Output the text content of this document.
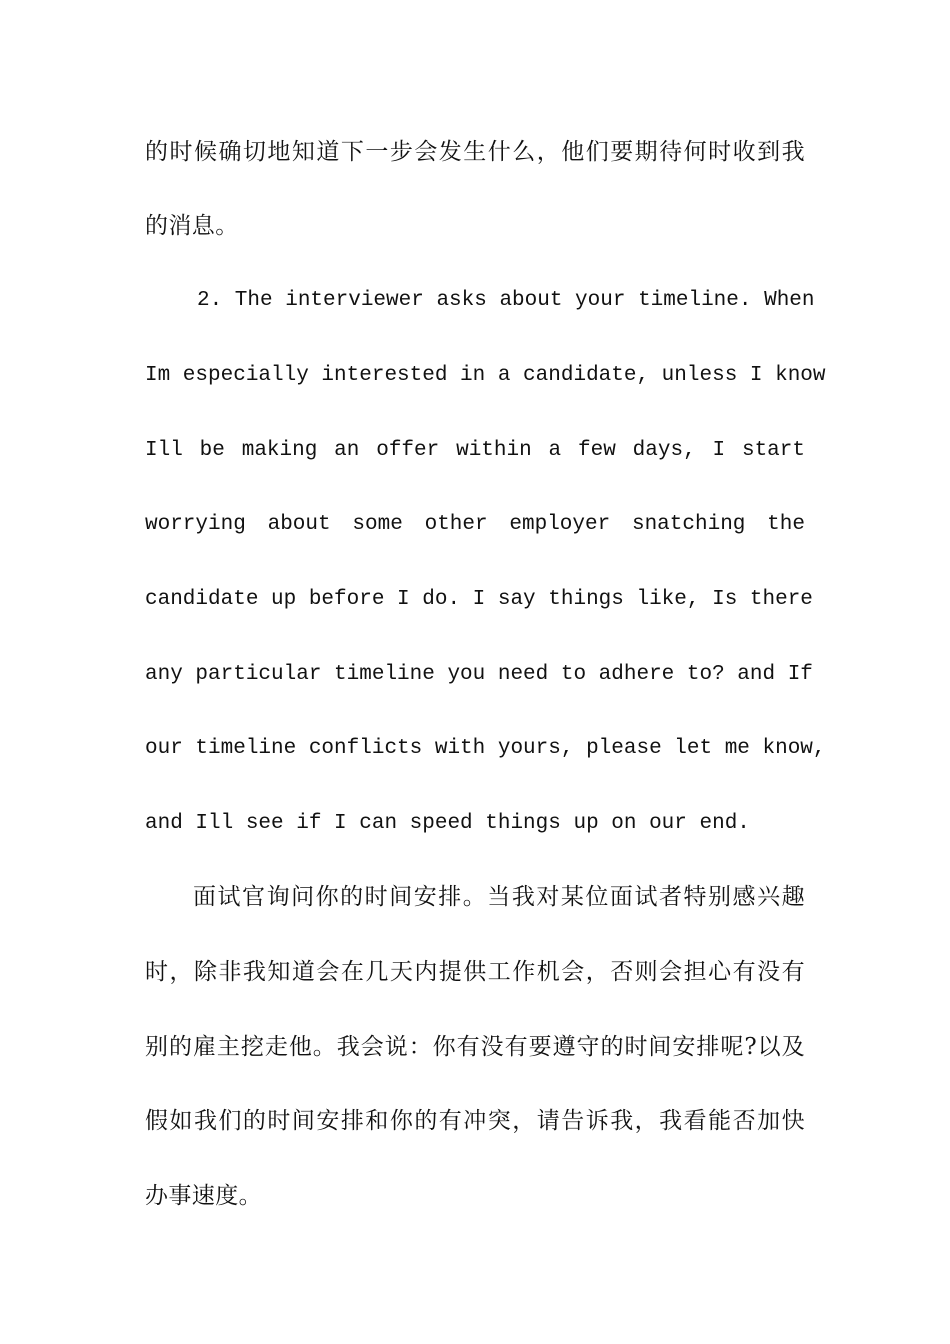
的时候确切地知道下一步会发生什么，他们要期待何时收到我
的消息。
2. The interviewer asks about your timeline. When
Im especially interested in a candidate, unless I know
Ill be making an offer within a few days, I start
worrying about some other employer snatching the
candidate up before I do. I say things like, Is there
any particular timeline you need to adhere to? and If
our timeline conflicts with yours, please let me know,
and Ill see if I can speed things up on our end.
面试官询问你的时间安排。当我对某位面试者特别感兴趣
时，除非我知道会在几天内提供工作机会，否则会担心有没有
别的雇主挖走他。我会说：你有没有要遵守的时间安排呢?以及
假如我们的时间安排和你的有冲突，请告诉我，我看能否加快
办事速度。
